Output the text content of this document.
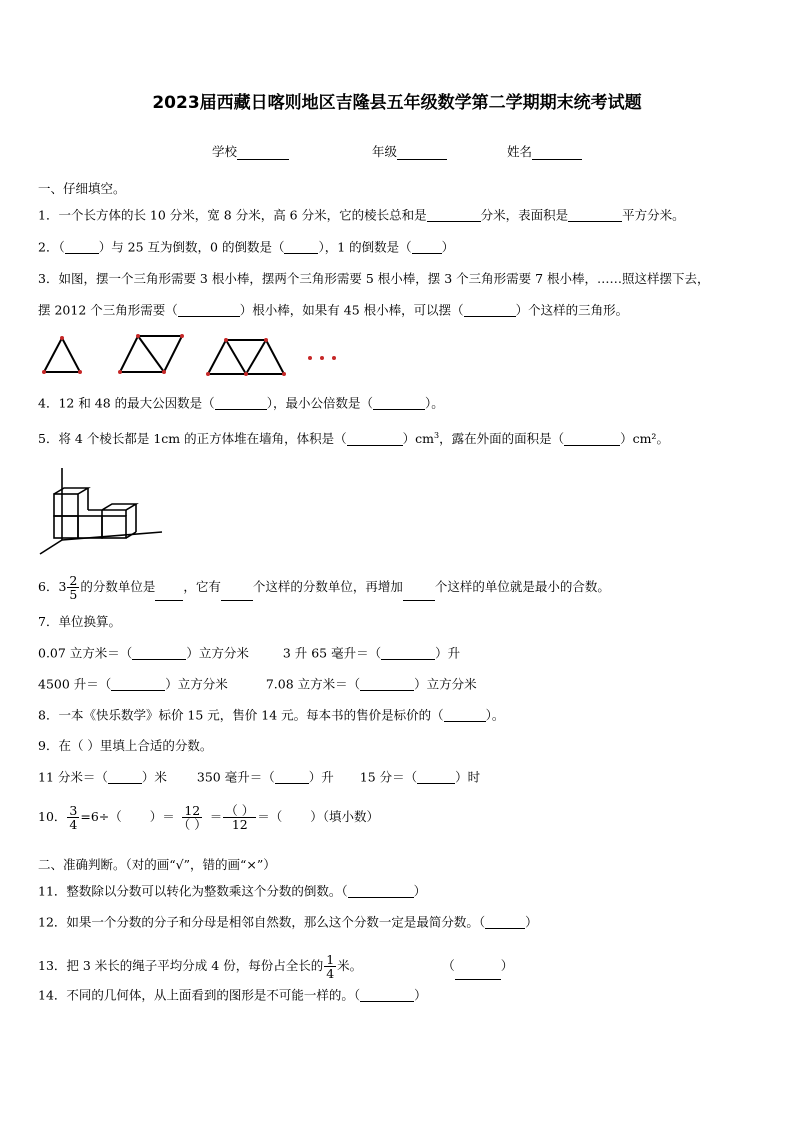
2023届西藏日喀则地区吉隆县五年级数学第二学期期末统考试题
学校	年级	姓名
一、仔细填空。
1．一个长方体的长 10 分米，宽 8 分米，高 6 分米，它的棱长总和是	分米，表面积是	平方分米。
2．（	）与 25 互为倒数，0 的倒数是（	），1 的倒数是（ ）
3．如图，摆一个三角形需要 3 根小棒，摆两个三角形需要 5 根小棒，摆 3 个三角形需要 7 根小棒，……照这样摆下去，
摆 2012 个三角形需要（	）根小棒，如果有 45 根小棒，可以摆（	）个这样的三角形。
4．12 和 48 的最大公因数是（	），最小公倍数是（	）。
5．将 4 个棱长都是 1cm 的正方体堆在墙角，体积是（	）$cm^3$，露在外面的面积是（	）cm²。
6．$3 \frac{2}{5}$ 的分数单位是 ，它有	个这样的分数单位，再增加	个这样的单位就是最小的合数。
7．单位换算。
0.07 立方米＝（	）立方分米	3 升 65 毫升＝（	）升
4500 升＝（	）立方分米	7.08 立方米＝（	）立方分米
8．一本《快乐数学》标价 15 元，售价 14 元。每本书的售价是标价的（	）。
9．在（ ）里填上合适的分数。
11 分米＝（	）米 350 毫升＝（	）升 15 分＝（	）时
10． $\frac{3}{4} =6\div$（ ）＝ $\frac{12}{( )} = \frac{( )}{12}$ ＝（ ）（填小数）
二、准确判断。（对的画“√”，错的画“×”）
11．整数除以分数可以转化为整数乘这个分数的倒数。（	）
12．如果一个分数的分子和分母是相邻自然数，那么这个分数一定是最简分数。（	）
13．把 3 米长的绳子平均分成 4 份，每份占全长的 $\frac{1}{4}$ 米。	（	）
14．不同的几何体，从上面看到的图形是不可能一样的。（	）
